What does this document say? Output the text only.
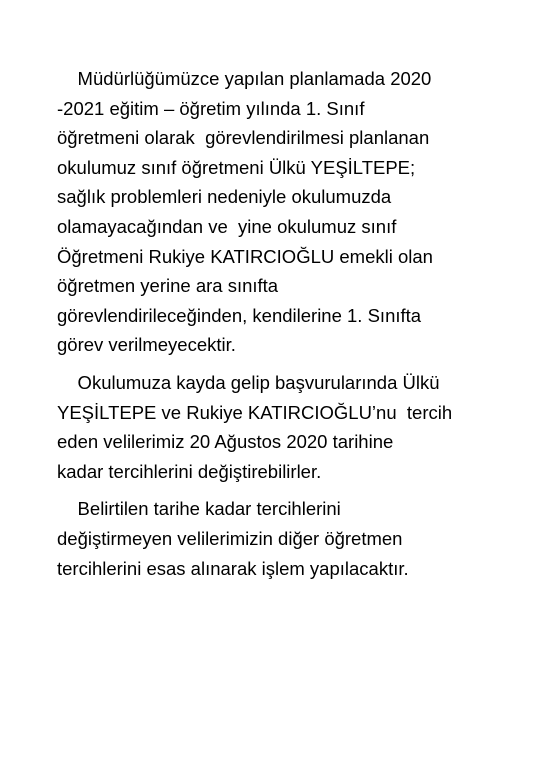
Müdürlüğümüzce yapılan planlamada 2020
-2021 eğitim – öğretim yılında 1. Sınıf
öğretmeni olarak  görevlendirilmesi planlanan
okulumuz sınıf öğretmeni Ülkü YEŞİLTEPE;
sağlık problemleri nedeniyle okulumuzda
olamayacağından ve  yine okulumuz sınıf
Öğretmeni Rukiye KATIRCIOĞLU emekli olan
öğretmen yerine ara sınıfta
görevlendirileceğinden, kendilerine 1. Sınıfta
görev verilmeyecektir.

Okulumuza kayda gelip başvurularında Ülkü
YEŞİLTEPE ve Rukiye KATIRCIOĞLU’nu  tercih
eden velilerimiz 20 Ağustos 2020 tarihine
kadar tercihlerini değiştirebilirler.

Belirtilen tarihe kadar tercihlerini
değiştirmeyen velilerimizin diğer öğretmen
tercihlerini esas alınarak işlem yapılacaktır.
